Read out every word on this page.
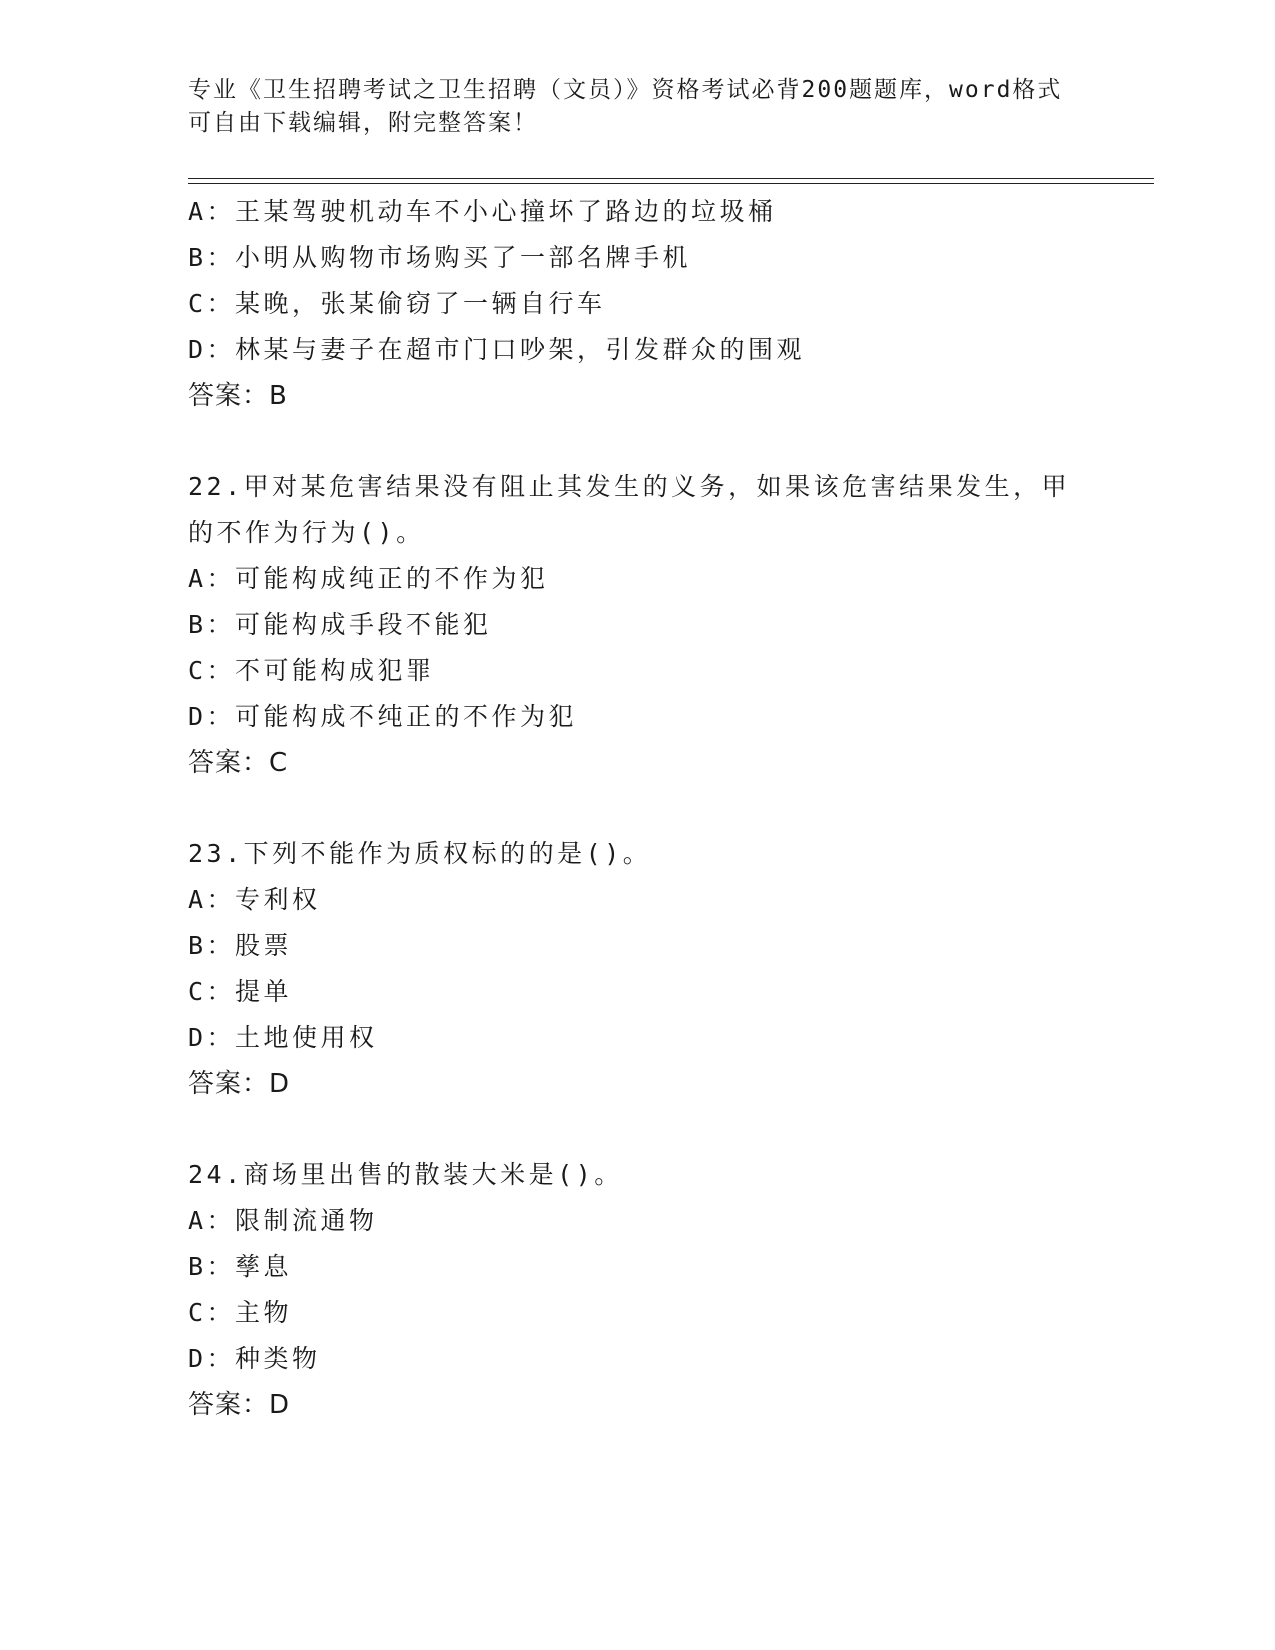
专业《卫生招聘考试之卫生招聘（文员）》资格考试必背200题题库，word格式
可自由下载编辑，附完整答案！
A：王某驾驶机动车不小心撞坏了路边的垃圾桶
B：小明从购物市场购买了一部名牌手机
C：某晚，张某偷窃了一辆自行车
D：林某与妻子在超市门口吵架，引发群众的围观
答案：B
22.甲对某危害结果没有阻止其发生的义务，如果该危害结果发生，甲
的不作为行为()。
A：可能构成纯正的不作为犯
B：可能构成手段不能犯
C：不可能构成犯罪
D：可能构成不纯正的不作为犯
答案：C
23.下列不能作为质权标的的是()。
A：专利权
B：股票
C：提单
D：土地使用权
答案：D
24.商场里出售的散装大米是()。
A：限制流通物
B：孳息
C：主物
D：种类物
答案：D
